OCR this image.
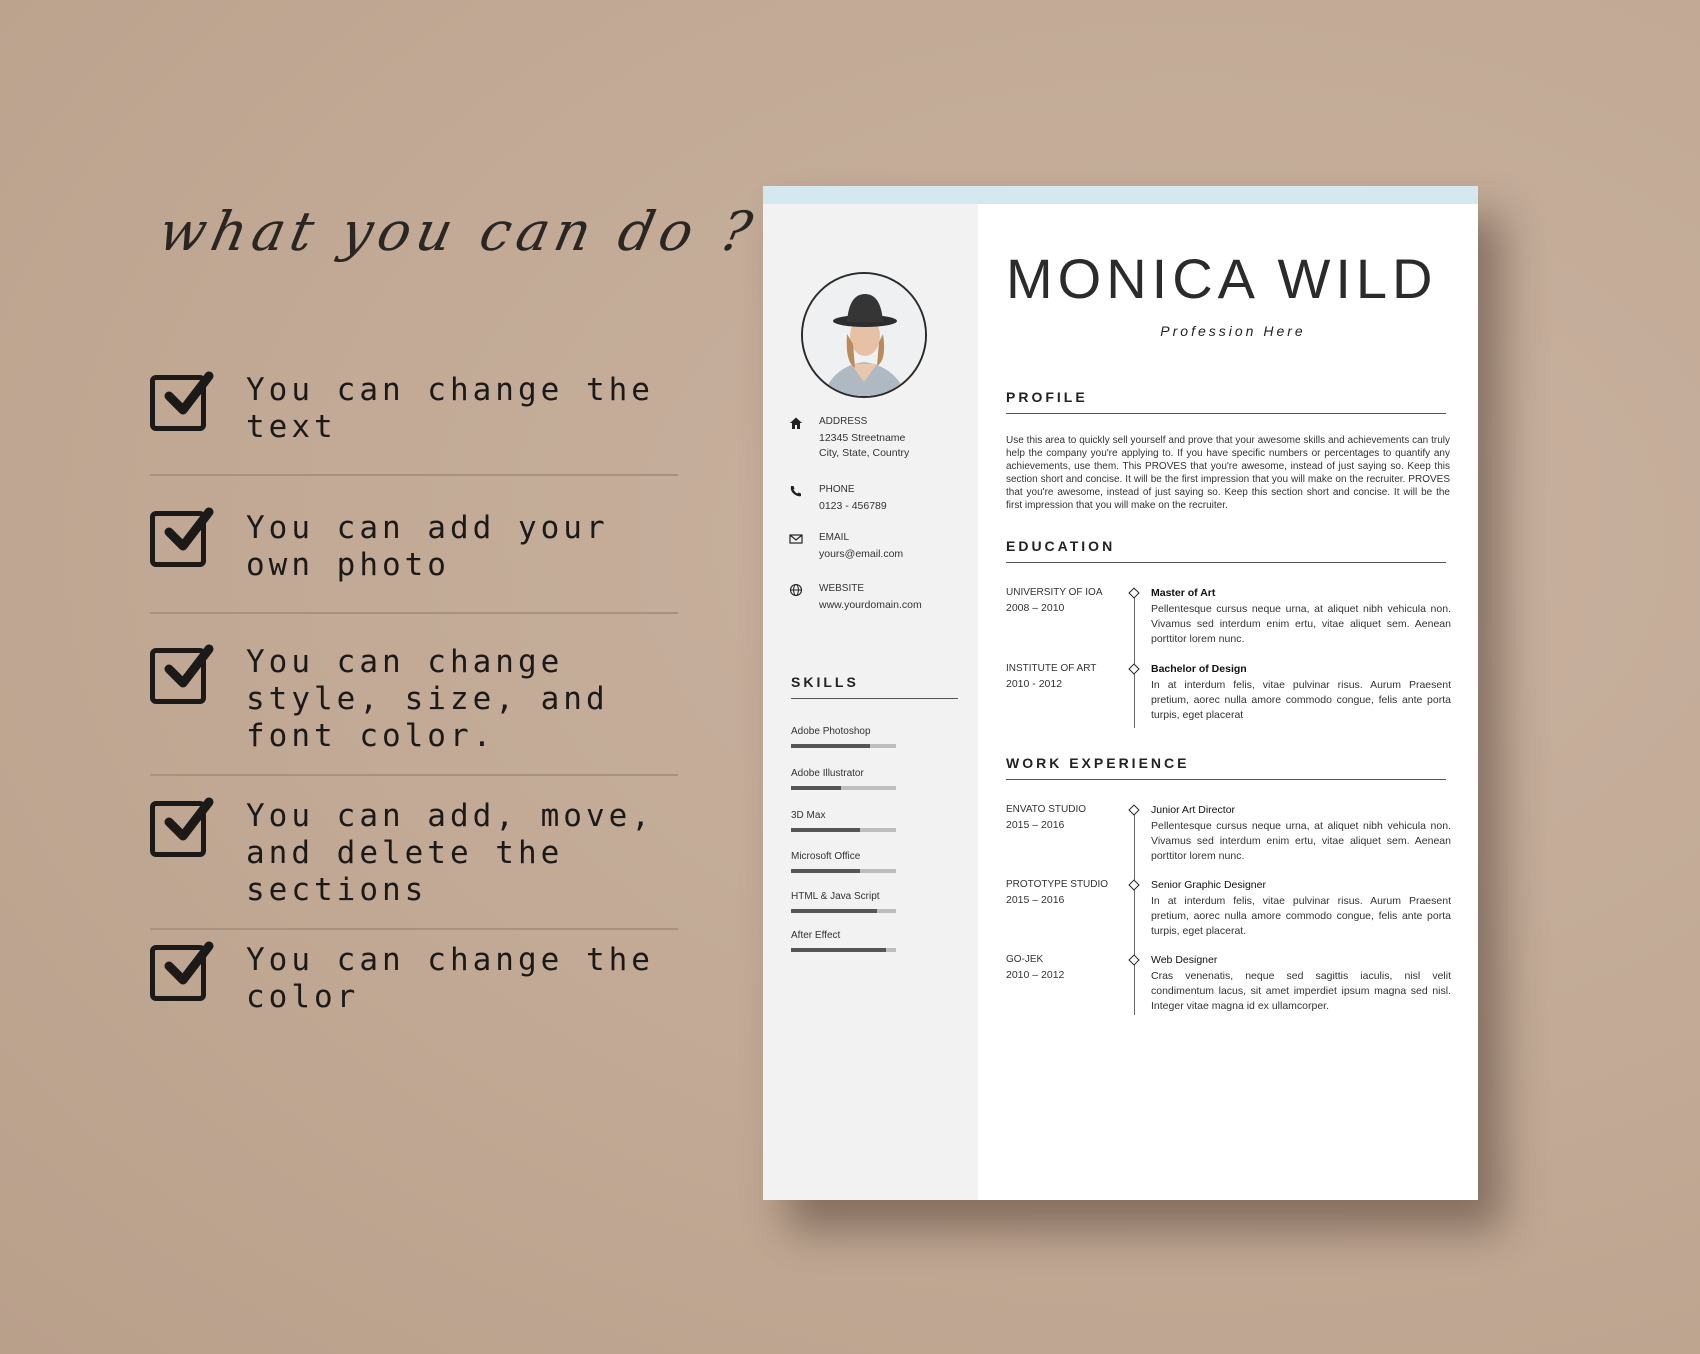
what you can do ?
You can change the
text
You can add your
own photo
You can change
style, size, and
font color.
You can add, move,
and delete the
sections
You can change the
color
ADDRESS
12345 Streetname
City, State, Country
PHONE
0123 - 456789
EMAIL
yours@email.com
WEBSITE
www.yourdomain.com
SKILLS
Adobe Photoshop
Adobe Illustrator
3D Max
Microsoft Office
HTML & Java Script
After Effect
MONICA WILD
Profession Here
PROFILE
Use this area to quickly sell yourself and prove that your awesome skills and achievements can truly help the company you're applying to. If you have specific numbers or percentages to quantify any achievements, use them. This PROVES that you're awesome, instead of just saying so. Keep this section short and concise. It will be the first impression that you will make on the recruiter. PROVES that you're awesome, instead of just saying so. Keep this section short and concise. It will be the first impression that you will make on the recruiter.
EDUCATION
UNIVERSITY OF IOA
2008 – 2010
Master of Art
Pellentesque cursus neque urna, at aliquet nibh vehicula non. Vivamus sed interdum enim ertu, vitae aliquet sem. Aenean porttitor lorem nunc.
INSTITUTE OF ART
2010 - 2012
Bachelor of Design
In at interdum felis, vitae pulvinar risus. Aurum Praesent pretium, aorec nulla amore commodo congue, felis ante porta turpis, eget placerat
WORK EXPERIENCE
ENVATO STUDIO
2015 – 2016
Junior Art Director
Pellentesque cursus neque urna, at aliquet nibh vehicula non. Vivamus sed interdum enim ertu, vitae aliquet sem. Aenean porttitor lorem nunc.
PROTOTYPE STUDIO
2015 – 2016
Senior Graphic Designer
In at interdum felis, vitae pulvinar risus. Aurum Praesent pretium, aorec nulla amore commodo congue, felis ante porta turpis, eget placerat.
GO-JEK
2010 – 2012
Web Designer
Cras venenatis, neque sed sagittis iaculis, nisl velit condimentum lacus, sit amet imperdiet ipsum magna sed nisl. Integer vitae magna id ex ullamcorper.
